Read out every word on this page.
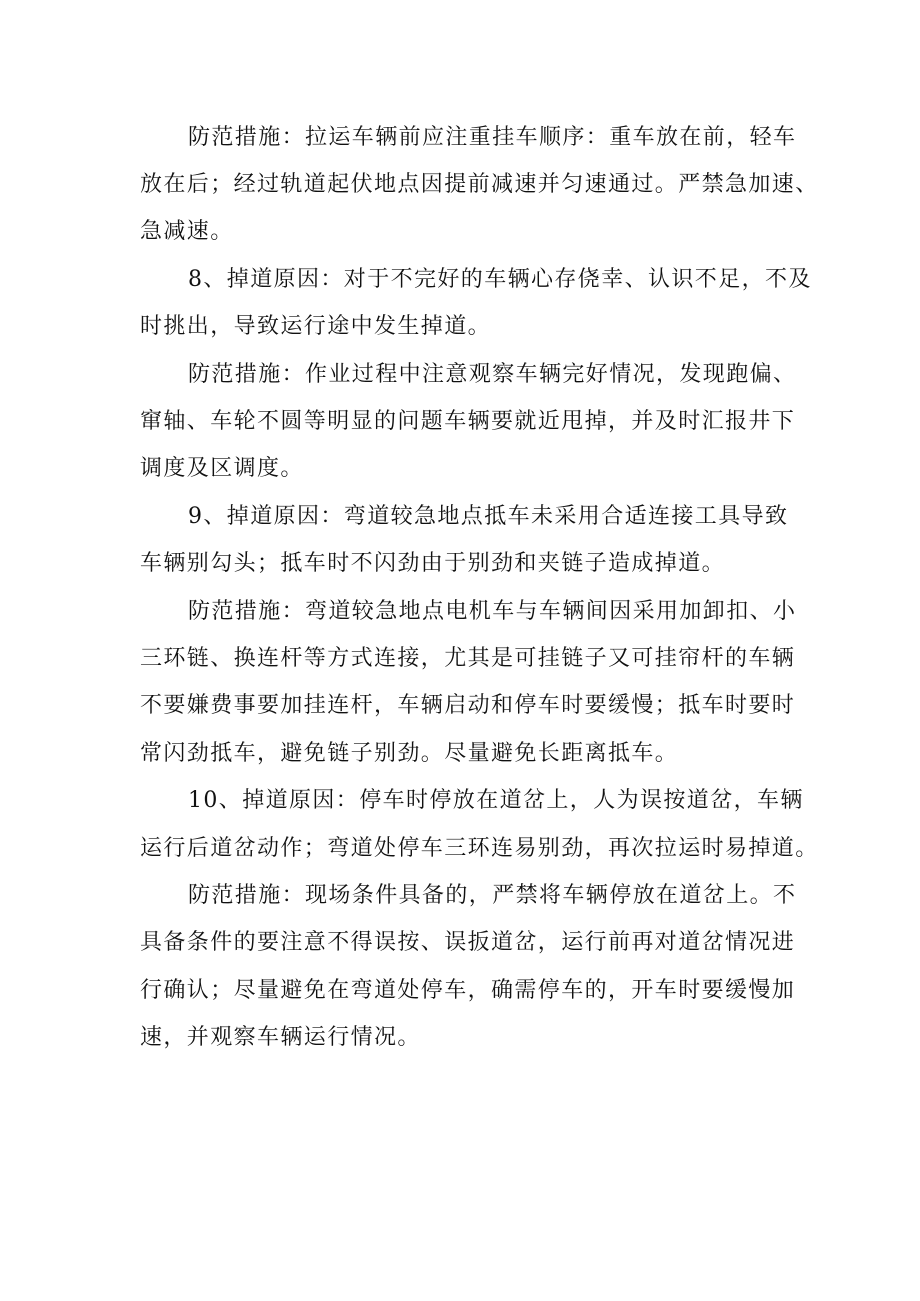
防范措施：拉运车辆前应注重挂车顺序：重车放在前，轻车
放在后；经过轨道起伏地点因提前减速并匀速通过。严禁急加速、
急减速。
8、掉道原因：对于不完好的车辆心存侥幸、认识不足，不及
时挑出，导致运行途中发生掉道。
防范措施：作业过程中注意观察车辆完好情况，发现跑偏、
窜轴、车轮不圆等明显的问题车辆要就近甩掉，并及时汇报井下
调度及区调度。
9、掉道原因：弯道较急地点抵车未采用合适连接工具导致
车辆别勾头；抵车时不闪劲由于别劲和夹链子造成掉道。
防范措施：弯道较急地点电机车与车辆间因采用加卸扣、小
三环链、换连杆等方式连接，尤其是可挂链子又可挂帘杆的车辆
不要嫌费事要加挂连杆，车辆启动和停车时要缓慢；抵车时要时
常闪劲抵车，避免链子别劲。尽量避免长距离抵车。
10、掉道原因：停车时停放在道岔上，人为误按道岔，车辆
运行后道岔动作；弯道处停车三环连易别劲，再次拉运时易掉道。
防范措施：现场条件具备的，严禁将车辆停放在道岔上。不
具备条件的要注意不得误按、误扳道岔，运行前再对道岔情况进
行确认；尽量避免在弯道处停车，确需停车的，开车时要缓慢加
速，并观察车辆运行情况。
